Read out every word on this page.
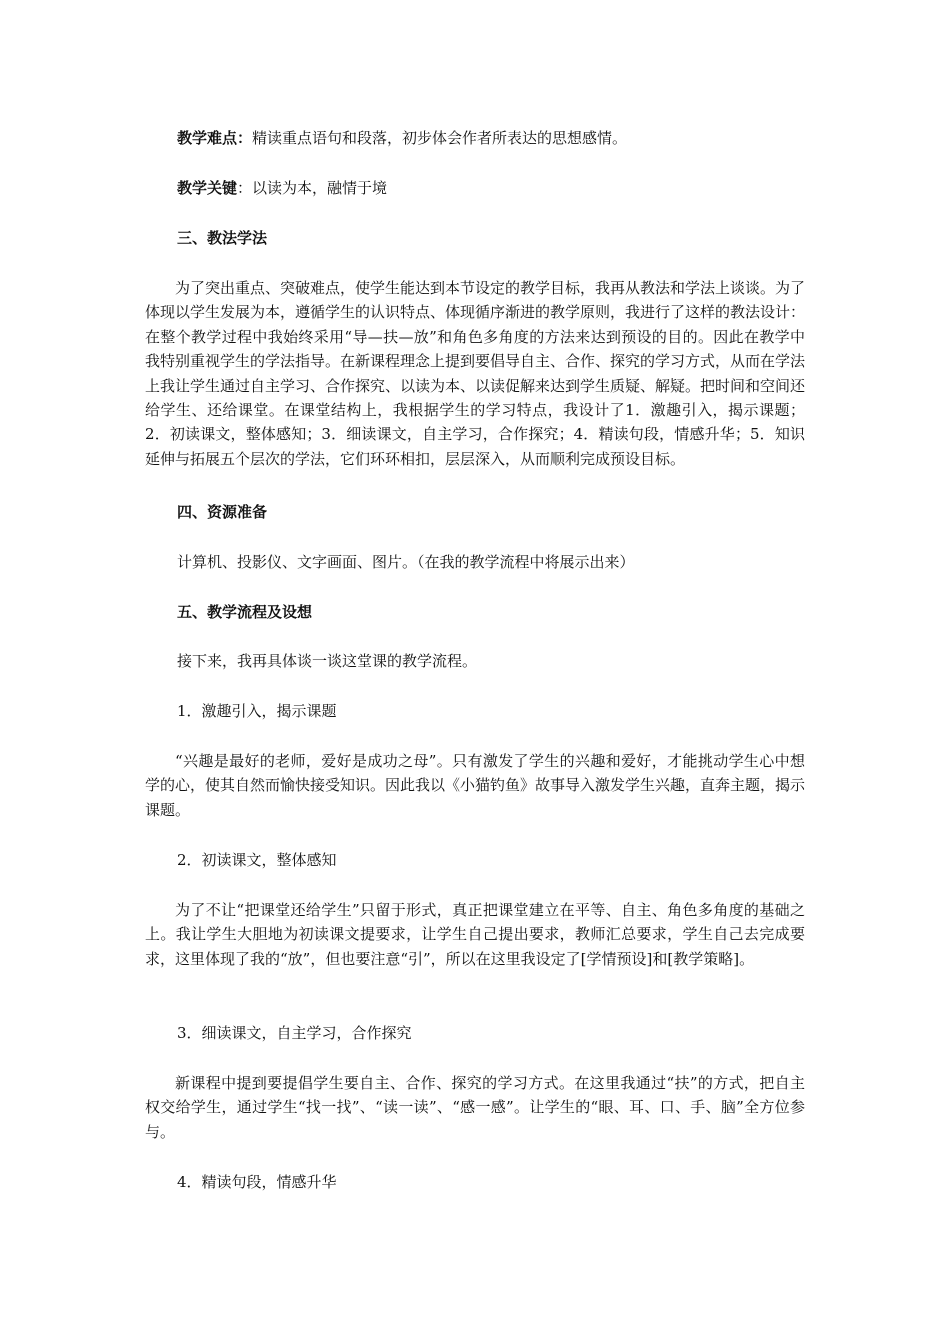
教学难点：精读重点语句和段落，初步体会作者所表达的思想感情。

教学关键：以读为本，融情于境

三、教法学法

为了突出重点、突破难点，使学生能达到本节设定的教学目标，我再从教法和学法上谈谈。为了体现以学生发展为本，遵循学生的认识特点、体现循序渐进的教学原则，我进行了这样的教法设计：在整个教学过程中我始终采用“导—扶—放”和角色多角度的方法来达到预设的目的。因此在教学中我特别重视学生的学法指导。在新课程理念上提到要倡导自主、合作、探究的学习方式，从而在学法上我让学生通过自主学习、合作探究、以读为本、以读促解来达到学生质疑、解疑。把时间和空间还给学生、还给课堂。在课堂结构上，我根据学生的学习特点，我设计了1．激趣引入，揭示课题；2．初读课文，整体感知；3．细读课文，自主学习，合作探究；4．精读句段，情感升华；5．知识延伸与拓展五个层次的学法，它们环环相扣，层层深入，从而顺利完成预设目标。

四、资源准备

计算机、投影仪、文字画面、图片。（在我的教学流程中将展示出来）

五、教学流程及设想

接下来，我再具体谈一谈这堂课的教学流程。

1．激趣引入，揭示课题

“兴趣是最好的老师，爱好是成功之母”。只有激发了学生的兴趣和爱好，才能挑动学生心中想学的心，使其自然而愉快接受知识。因此我以《小猫钓鱼》故事导入激发学生兴趣，直奔主题，揭示课题。

2．初读课文，整体感知

为了不让“把课堂还给学生”只留于形式，真正把课堂建立在平等、自主、角色多角度的基础之上。我让学生大胆地为初读课文提要求，让学生自己提出要求，教师汇总要求，学生自己去完成要求，这里体现了我的“放”，但也要注意“引”，所以在这里我设定了[学情预设]和[教学策略]。

3．细读课文，自主学习，合作探究

新课程中提到要提倡学生要自主、合作、探究的学习方式。在这里我通过“扶”的方式，把自主权交给学生，通过学生“找一找”、“读一读”、“感一感”。让学生的“眼、耳、口、手、脑”全方位参与。

4．精读句段，情感升华
